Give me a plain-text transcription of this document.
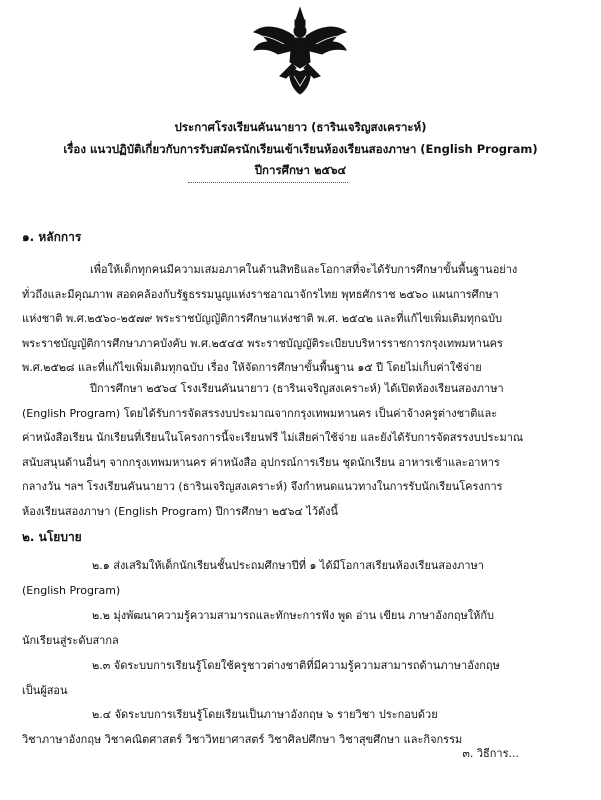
ประกาศโรงเรียนคันนายาว (ธารินเจริญสงเคราะห์)
เรื่อง แนวปฏิบัติเกี่ยวกับการรับสมัครนักเรียนเข้าเรียนห้องเรียนสองภาษา (English Program)
ปีการศึกษา ๒๕๖๔
๑. หลักการ
เพื่อให้เด็กทุกคนมีความเสมอภาคในด้านสิทธิและโอกาสที่จะได้รับการศึกษาขั้นพื้นฐานอย่าง
ทั่วถึงและมีคุณภาพ สอดคล้องกับรัฐธรรมนูญแห่งราชอาณาจักรไทย พุทธศักราช ๒๕๖๐ แผนการศึกษา
แห่งชาติ พ.ศ.๒๕๖๐-๒๕๗๙ พระราชบัญญัติการศึกษาแห่งชาติ พ.ศ. ๒๕๔๒ และที่แก้ไขเพิ่มเติมทุกฉบับ
พระราชบัญญัติการศึกษาภาคบังคับ พ.ศ.๒๕๔๕ พระราชบัญญัติระเบียบบริหารราชการกรุงเทพมหานคร
พ.ศ.๒๕๒๘ และที่แก้ไขเพิ่มเติมทุกฉบับ เรื่อง ให้จัดการศึกษาขั้นพื้นฐาน ๑๕ ปี โดยไม่เก็บค่าใช้จ่าย
ปีการศึกษา ๒๕๖๔ โรงเรียนคันนายาว (ธารินเจริญสงเคราะห์) ได้เปิดห้องเรียนสองภาษา
(English Program) โดยได้รับการจัดสรรงบประมาณจากกรุงเทพมหานคร เป็นค่าจ้างครูต่างชาติและ
ค่าหนังสือเรียน นักเรียนที่เรียนในโครงการนี้จะเรียนฟรี ไม่เสียค่าใช้จ่าย และยังได้รับการจัดสรรงบประมาณ
สนับสนุนด้านอื่นๆ จากกรุงเทพมหานคร ค่าหนังสือ อุปกรณ์การเรียน ชุดนักเรียน อาหารเช้าและอาหาร
กลางวัน ฯลฯ โรงเรียนคันนายาว (ธารินเจริญสงเคราะห์) จึงกำหนดแนวทางในการรับนักเรียนโครงการ
ห้องเรียนสองภาษา (English Program) ปีการศึกษา ๒๕๖๔ ไว้ดังนี้
๒. นโยบาย
๒.๑ ส่งเสริมให้เด็กนักเรียนชั้นประถมศึกษาปีที่ ๑ ได้มีโอกาสเรียนห้องเรียนสองภาษา
(English Program)
๒.๒ มุ่งพัฒนาความรู้ความสามารถและทักษะการฟัง พูด อ่าน เขียน ภาษาอังกฤษให้กับ
นักเรียนสู่ระดับสากล
๒.๓ จัดระบบการเรียนรู้โดยใช้ครูชาวต่างชาติที่มีความรู้ความสามารถด้านภาษาอังกฤษ
เป็นผู้สอน
๒.๔ จัดระบบการเรียนรู้โดยเรียนเป็นภาษาอังกฤษ ๖ รายวิชา ประกอบด้วย
วิชาภาษาอังกฤษ วิชาคณิตศาสตร์ วิชาวิทยาศาสตร์ วิชาศิลปศึกษา วิชาสุขศึกษา และกิจกรรม
๓. วิธีการ...
